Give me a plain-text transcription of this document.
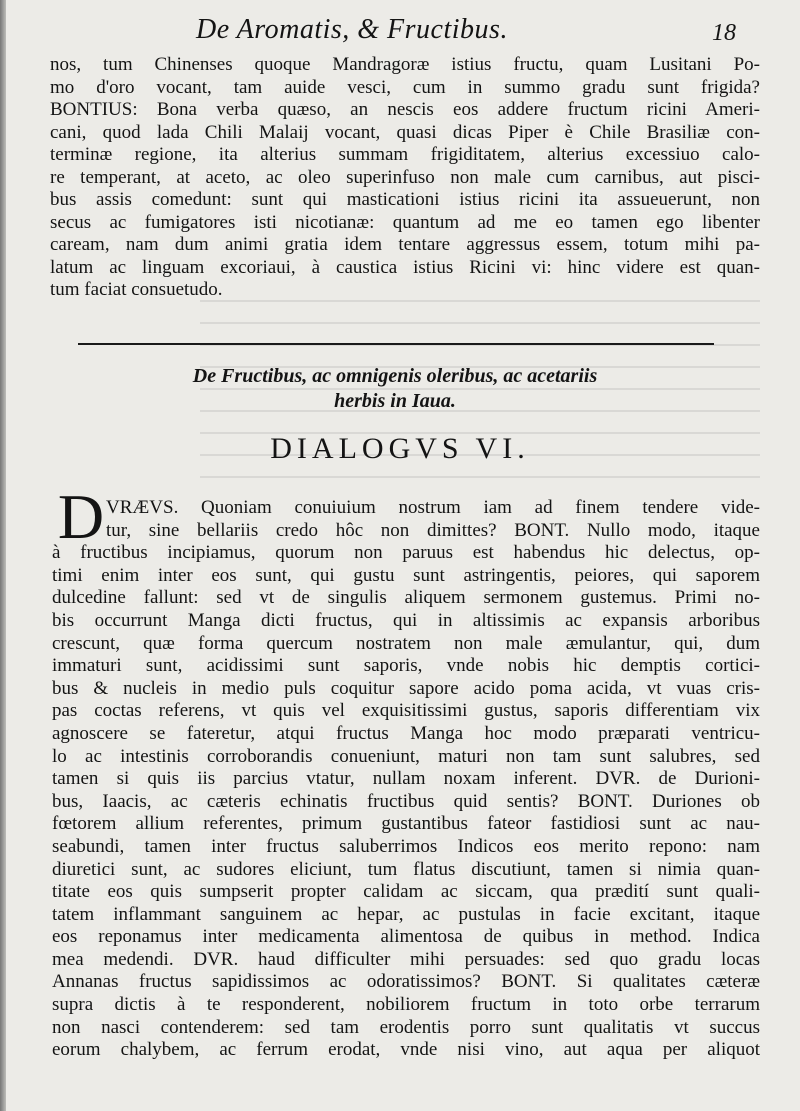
De Aromatis, & Fructibus.	18
nos, tum Chinenses quoque Mandragoræ istius fructu, quam Lusitani Po-
mo d'oro vocant, tam auide vesci, cum in summo gradu sunt frigida?
BONTIUS: Bona verba quæso, an nescis eos addere fructum ricini Ameri-
cani, quod lada Chili Malaij vocant, quasi dicas Piper è Chile Brasiliæ con-
terminæ regione, ita alterius summam frigiditatem, alterius excessiuo calo-
re temperant, at aceto, ac oleo superinfuso non male cum carnibus, aut pisci-
bus assis comedunt: sunt qui masticationi istius ricini ita assueuerunt, non
secus ac fumigatores isti nicotianæ: quantum ad me eo tamen ego libenter
caream, nam dum animi gratia idem tentare aggressus essem, totum mihi pa-
latum ac linguam excoriaui, à caustica istius Ricini vi: hinc videre est quan-
tum faciat consuetudo.
De Fructibus, ac omnigenis oleribus, ac acetariis
herbis in Iaua.
DIALOGVS VI.
D VRÆVS. Quoniam conuiuium nostrum iam ad finem tendere vide-
tur, sine bellariis credo hôc non dimittes? BONT. Nullo modo, itaque
à fructibus incipiamus, quorum non paruus est habendus hic delectus, op-
timi enim inter eos sunt, qui gustu sunt astringentis, peiores, qui saporem
dulcedine fallunt: sed vt de singulis aliquem sermonem gustemus. Primi no-
bis occurrunt Manga dicti fructus, qui in altissimis ac expansis arboribus
crescunt, quæ forma quercum nostratem non male æmulantur, qui, dum
immaturi sunt, acidissimi sunt saporis, vnde nobis hic demptis cortici-
bus & nucleis in medio puls coquitur sapore acido poma acida, vt vuas cris-
pas coctas referens, vt quis vel exquisitissimi gustus, saporis differentiam vix
agnoscere se fateretur, atqui fructus Manga hoc modo præparati ventricu-
lo ac intestinis corroborandis conueniunt, maturi non tam sunt salubres, sed
tamen si quis iis parcius vtatur, nullam noxam inferent. DVR. de Durioni-
bus, Iaacis, ac cæteris echinatis fructibus quid sentis? BONT. Duriones ob
fœtorem allium referentes, primum gustantibus fateor fastidiosi sunt ac nau-
seabundi, tamen inter fructus saluberrimos Indicos eos merito repono: nam
diuretici sunt, ac sudores eliciunt, tum flatus discutiunt, tamen si nimia quan-
titate eos quis sumpserit propter calidam ac siccam, qua prædití sunt quali-
tatem inflammant sanguinem ac hepar, ac pustulas in facie excitant, itaque
eos reponamus inter medicamenta alimentosa de quibus in method. Indica
mea medendi. DVR. haud difficulter mihi persuades: sed quo gradu locas
Annanas fructus sapidissimos ac odoratissimos? BONT. Si qualitates cæteræ
supra dictis à te responderent, nobiliorem fructum in toto orbe terrarum
non nasci contenderem: sed tam erodentis porro sunt qualitatis vt succus
eorum chalybem, ac ferrum erodat, vnde nisi vino, aut aqua per aliquot
